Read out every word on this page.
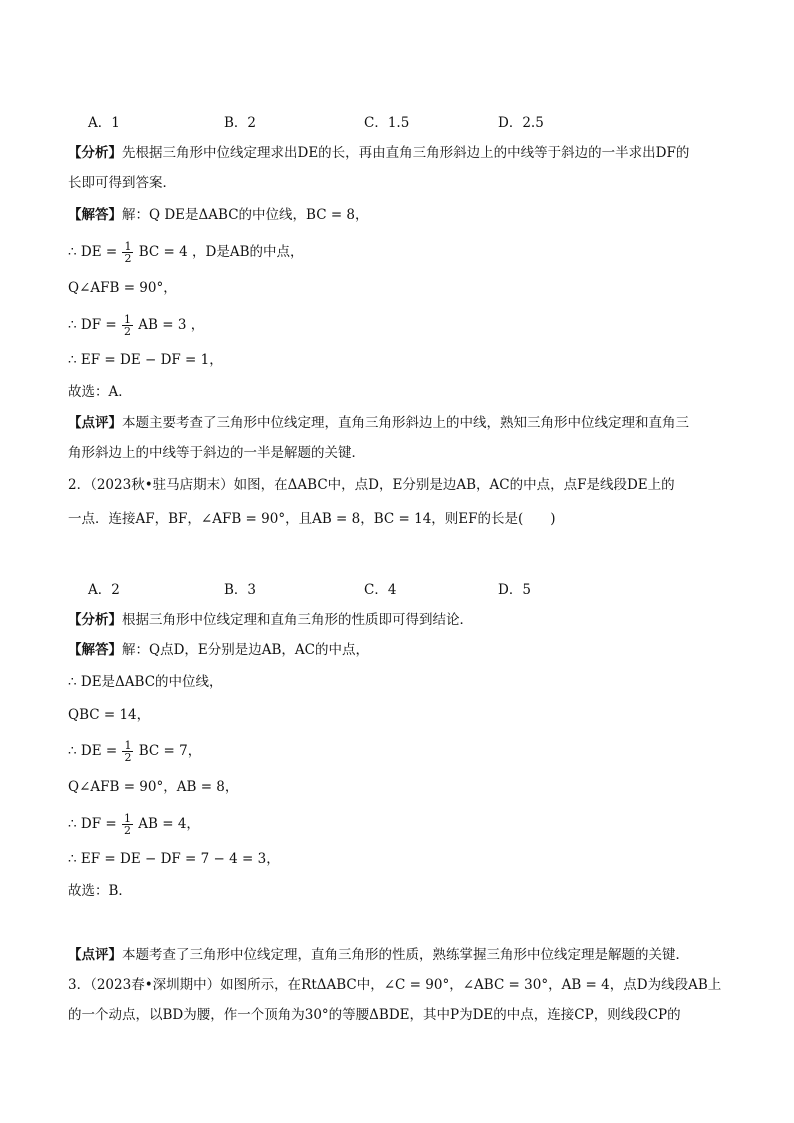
A．1	B．2	C．1.5	D．2.5
【分析】先根据三角形中位线定理求出DE的长，再由直角三角形斜边上的中线等于斜边的一半求出DF的
长即可得到答案．
【解答】解：Q DE是ΔABC的中位线，BC = 8，
∴ DE = $\frac{1}{2}$ BC = 4 ，D是AB的中点，
Q∠AFB = 90°，
∴ DF = $\frac{1}{2}$ AB = 3 ，
∴ EF = DE − DF = 1，
故选：A．
【点评】本题主要考查了三角形中位线定理，直角三角形斜边上的中线，熟知三角形中位线定理和直角三
角形斜边上的中线等于斜边的一半是解题的关键．
2．（2023秋•驻马店期末）如图，在ΔABC中，点D，E分别是边AB，AC的中点，点F是线段DE上的
一点．连接AF，BF，∠AFB = 90°，且AB = 8，BC = 14，则EF的长是(　　)
A．2	B．3	C．4	D．5
【分析】根据三角形中位线定理和直角三角形的性质即可得到结论．
【解答】解：Q点D，E分别是边AB，AC的中点，
∴ DE是ΔABC的中位线，
QBC = 14，
∴ DE = $\frac{1}{2}$ BC = 7，
Q∠AFB = 90°，AB = 8，
∴ DF = $\frac{1}{2}$ AB = 4，
∴ EF = DE − DF = 7 − 4 = 3，
故选：B．
【点评】本题考查了三角形中位线定理，直角三角形的性质，熟练掌握三角形中位线定理是解题的关键．
3．（2023春•深圳期中）如图所示，在RtΔABC中，∠C = 90°，∠ABC = 30°，AB = 4，点D为线段AB上
的一个动点，以BD为腰，作一个顶角为30°的等腰ΔBDE，其中P为DE的中点，连接CP，则线段CP的
